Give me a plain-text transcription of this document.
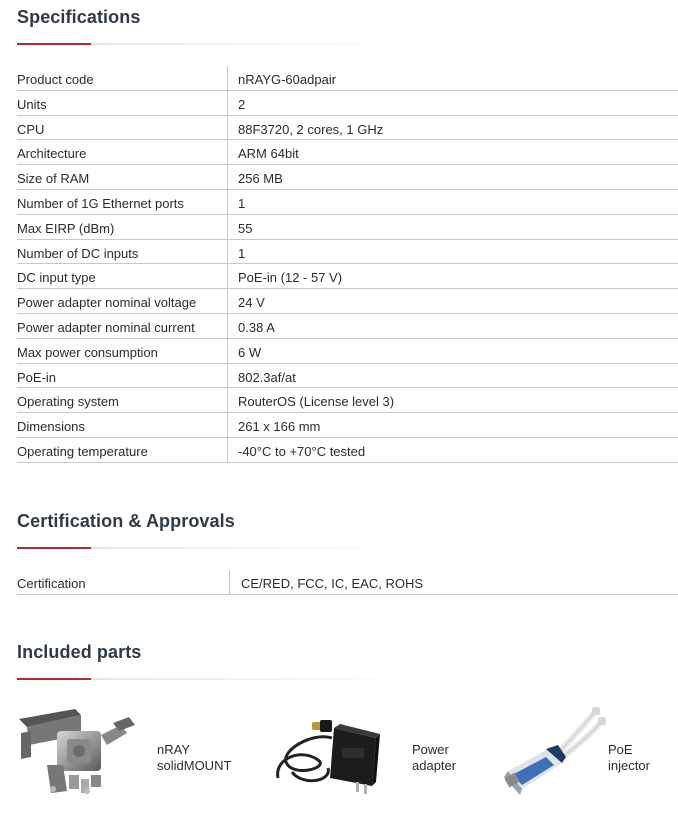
Specifications
Product code	nRAYG-60adpair
Units	2
CPU	88F3720, 2 cores, 1 GHz
Architecture	ARM 64bit
Size of RAM	256 MB
Number of 1G Ethernet ports	1
Max EIRP (dBm)	55
Number of DC inputs	1
DC input type	PoE-in (12 - 57 V)
Power adapter nominal voltage	24 V
Power adapter nominal current	0.38 A
Max power consumption	6 W
PoE-in	802.3af/at
Operating system	RouterOS (License level 3)
Dimensions	261 x 166 mm
Operating temperature	-40°C to +70°C tested
Certification & Approvals
Certification	CE/RED, FCC, IC, EAC, ROHS
Included parts
nRAY
solidMOUNT
Power
adapter
PoE
injector
